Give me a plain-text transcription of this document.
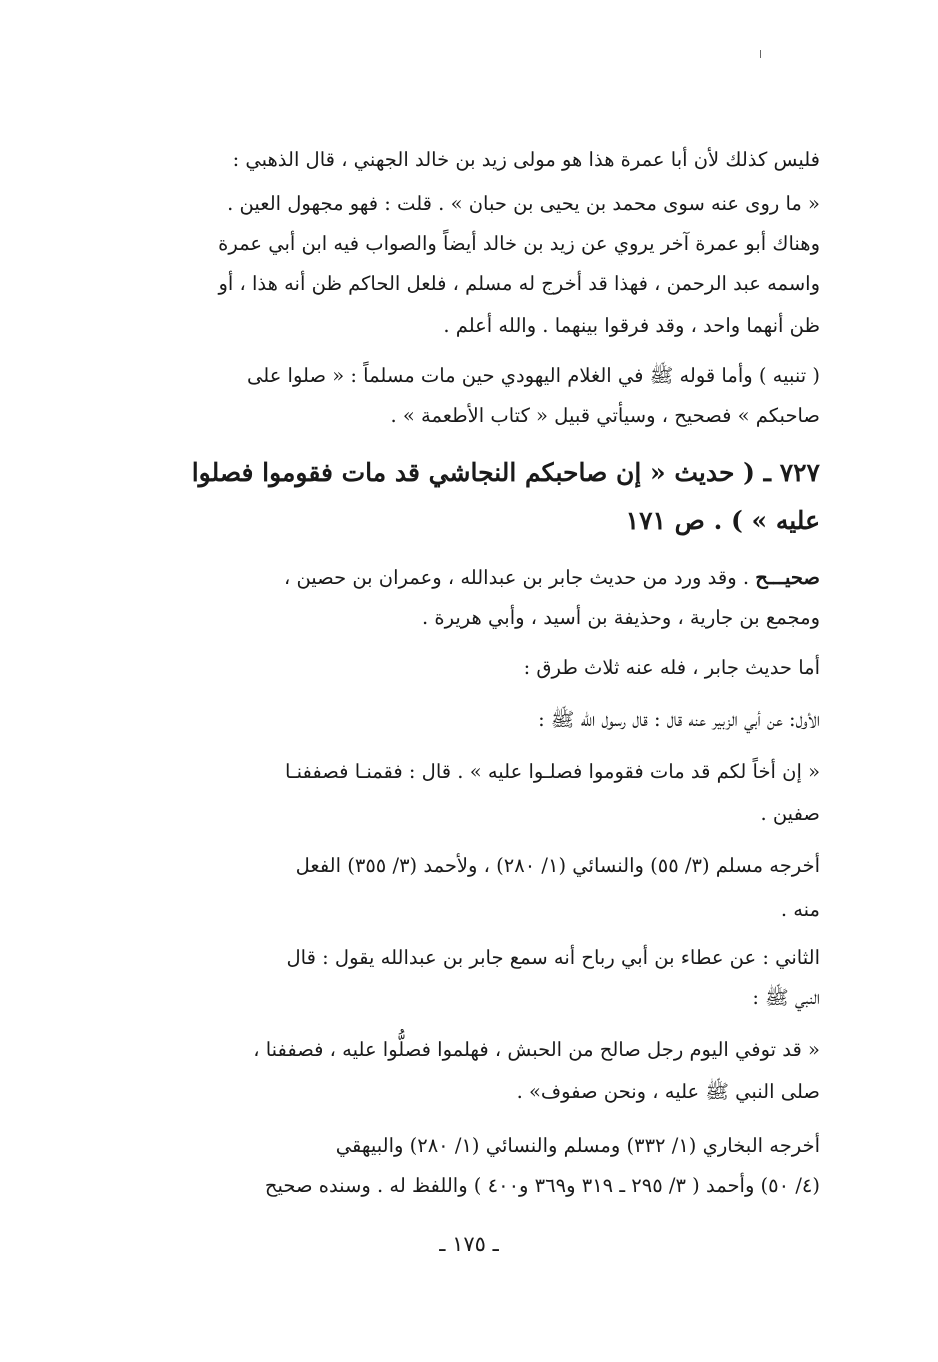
فليس كذلك لأن أبا عمرة هذا هو مولى زيد بن خالد الجهني ، قال الذهبي :
« ما روى عنه سوى محمد بن يحيى بن حبان » . قلت : فهو مجهول العين .
وهناك أبو عمرة آخر يروي عن زيد بن خالد أيضاً والصواب فيه ابن أبي عمرة
واسمه عبد الرحمن ، فهذا قد أخرج له مسلم ، فلعل الحاكم ظن أنه هذا ، أو
ظن أنهما واحد ، وقد فرقوا بينهما . والله أعلم .
( تنبيه ) وأما قوله ﷺ في الغلام اليهودي حين مات مسلماً : « صلوا على
صاحبكم » فصحيح ، وسيأتي قبيل « كتاب الأطعمة » .
٧٢٧ ـ ( حديث « إن صاحبكم النجاشي قد مات فقوموا فصلوا
عليه » ) . ص ١٧١
صحيـــح . وقد ورد من حديث جابر بن عبدالله ، وعمران بن حصين ،
ومجمع بن جارية ، وحذيفة بن أسيد ، وأبي هريرة .
أما حديث جابر ، فله عنه ثلاث طرق :
الأول: عن أبي الزبير عنه قال : قال رسول الله ﷺ :
« إن أخاً لكم قد مات فقوموا فصلـوا عليه » . قال : فقمنـا فصففنـا
صفين .
أخرجه مسلم (٣/ ٥٥) والنسائي (١/ ٢٨٠) ، ولأحمد (٣/ ٣٥٥) الفعل
منه .
الثاني : عن عطاء بن أبي رباح أنه سمع جابر بن عبدالله يقول : قال
النبي ﷺ :
« قد توفي اليوم رجل صالح من الحبش ، فهلموا فصلُّوا عليه ، فصففنا ،
صلى النبي ﷺ عليه ، ونحن صفوف» .
أخرجه البخاري (١/ ٣٣٢) ومسلم والنسائي (١/ ٢٨٠) والبيهقي
(٤/ ٥٠) وأحمد ( ٣/ ٢٩٥ ـ ٣١٩ و٣٦٩ و٤٠٠ ) واللفظ له . وسنده صحيح
ـ ١٧٥ ـ
